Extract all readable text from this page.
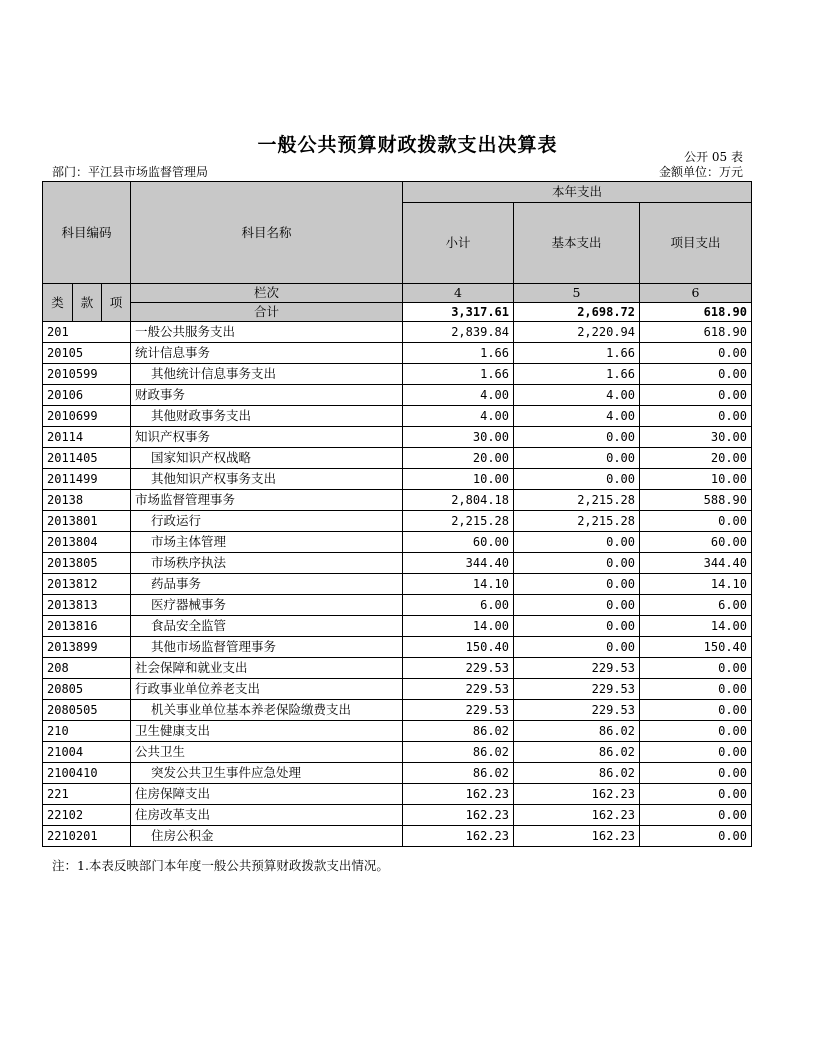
一般公共预算财政拨款支出决算表
公开 05 表
部门：平江县市场监督管理局	金额单位：万元
科目编码			科目名称	本年支出		
				小计	基本支出	项目支出
类	款	项	栏次	4	5	6
			合计	3,317.61	2,698.72	618.90
201			一般公共服务支出	2,839.84	2,220.94	618.90
20105			统计信息事务	1.66	1.66	0.00
2010599			其他统计信息事务支出	1.66	1.66	0.00
20106			财政事务	4.00	4.00	0.00
2010699			其他财政事务支出	4.00	4.00	0.00
20114			知识产权事务	30.00	0.00	30.00
2011405			国家知识产权战略	20.00	0.00	20.00
2011499			其他知识产权事务支出	10.00	0.00	10.00
20138			市场监督管理事务	2,804.18	2,215.28	588.90
2013801			行政运行	2,215.28	2,215.28	0.00
2013804			市场主体管理	60.00	0.00	60.00
2013805			市场秩序执法	344.40	0.00	344.40
2013812			药品事务	14.10	0.00	14.10
2013813			医疗器械事务	6.00	0.00	6.00
2013816			食品安全监管	14.00	0.00	14.00
2013899			其他市场监督管理事务	150.40	0.00	150.40
208			社会保障和就业支出	229.53	229.53	0.00
20805			行政事业单位养老支出	229.53	229.53	0.00
2080505			机关事业单位基本养老保险缴费支出	229.53	229.53	0.00
210			卫生健康支出	86.02	86.02	0.00
21004			公共卫生	86.02	86.02	0.00
2100410			突发公共卫生事件应急处理	86.02	86.02	0.00
221			住房保障支出	162.23	162.23	0.00
22102			住房改革支出	162.23	162.23	0.00
2210201			住房公积金	162.23	162.23	0.00
注：1.本表反映部门本年度一般公共预算财政拨款支出情况。
